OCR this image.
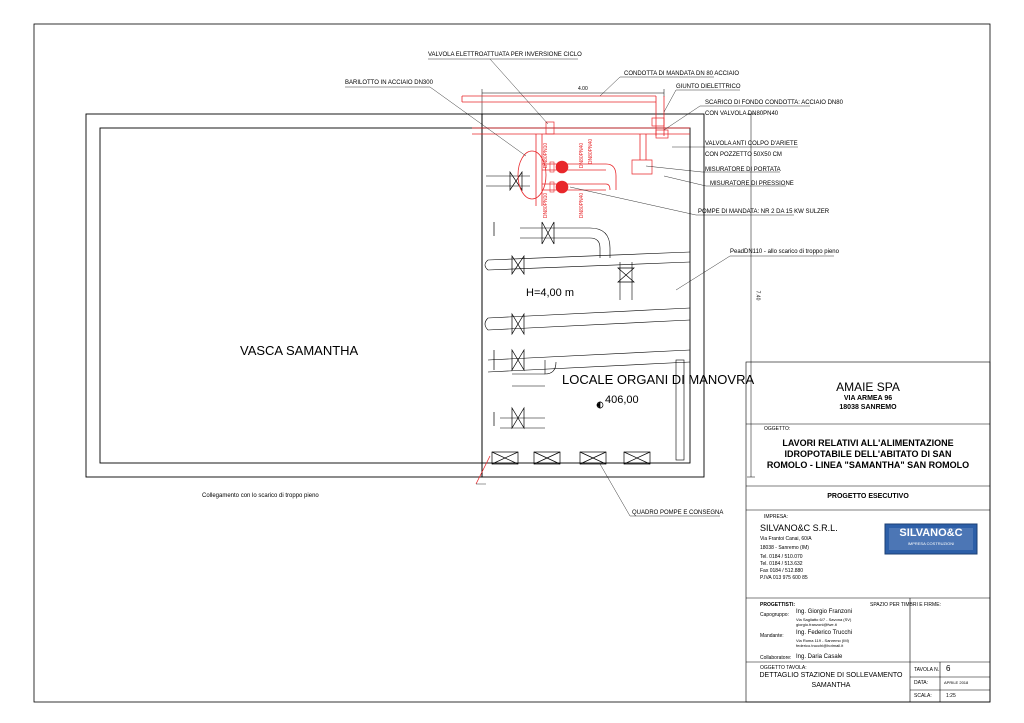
VALVOLA ELETTROATTUATA PER INVERSIONE CICLO
CONDOTTA DI MANDATA DN 80 ACCIAIO
BARILOTTO IN ACCIAIO DN300
GIUNTO DIELETTRICO
SCARICO DI FONDO CONDOTTA: ACCIAIO DN80
CON VALVOLA DN80PN40
VALVOLA ANTI COLPO D'ARIETE
CON POZZETTO 50X50 CM
MISURATORE DI PORTATA
MISURATORE DI PRESSIONE
POMPE DI MANDATA: NR 2 DA 15 KW SULZER
PeadDN110 - allo scarico di troppo pieno
QUADRO POMPE E CONSEGNA
Collegamento con lo scarico di troppo pieno
4.00
7.40
DN80PN10	DN80PN40 DN80PN40
DN80PN10	DN80PN40
VASCA SAMANTHA
LOCALE ORGANI DI MANOVRA
H=4,00 m
406,00
AMAIE SPA
VIA ARMEA 96
18038 SANREMO
OGGETTO:
LAVORI RELATIVI ALL'ALIMENTAZIONE
IDROPOTABILE DELL'ABITATO DI SAN
ROMOLO - LINEA "SAMANTHA" SAN ROMOLO
PROGETTO ESECUTIVO
IMPRESA:
SILVANO&C S.R.L.
Via Frantoi Canai, 60/A
18038 - Sanremo (IM)
Tel. 0184 / 510.070
Tel. 0184 / 513.632
Fax 0184 / 512.880
P.IVA 013 975 600 85
SILVANO&C
IMPRESA COSTRUZIONI
PROGETTISTI:	SPAZIO PER TIMBRI E FIRME:
Capogruppo: Ing. Giorgio Franzoni
Via Sagliatto 6/7 - Savona (SV)
giorgio.franzoni@fwe.it
Mandante: Ing. Federico Trucchi
Via Roma 119 - Sanremo (IM)
federico.trucchi@hotmail.it
Collaboratore: Ing. Daria Casale
OGGETTO TAVOLA:
DETTAGLIO STAZIONE DI SOLLEVAMENTO
SAMANTHA
TAVOLA N. 6
DATA:	APRILE 2018
SCALA:	1:25
